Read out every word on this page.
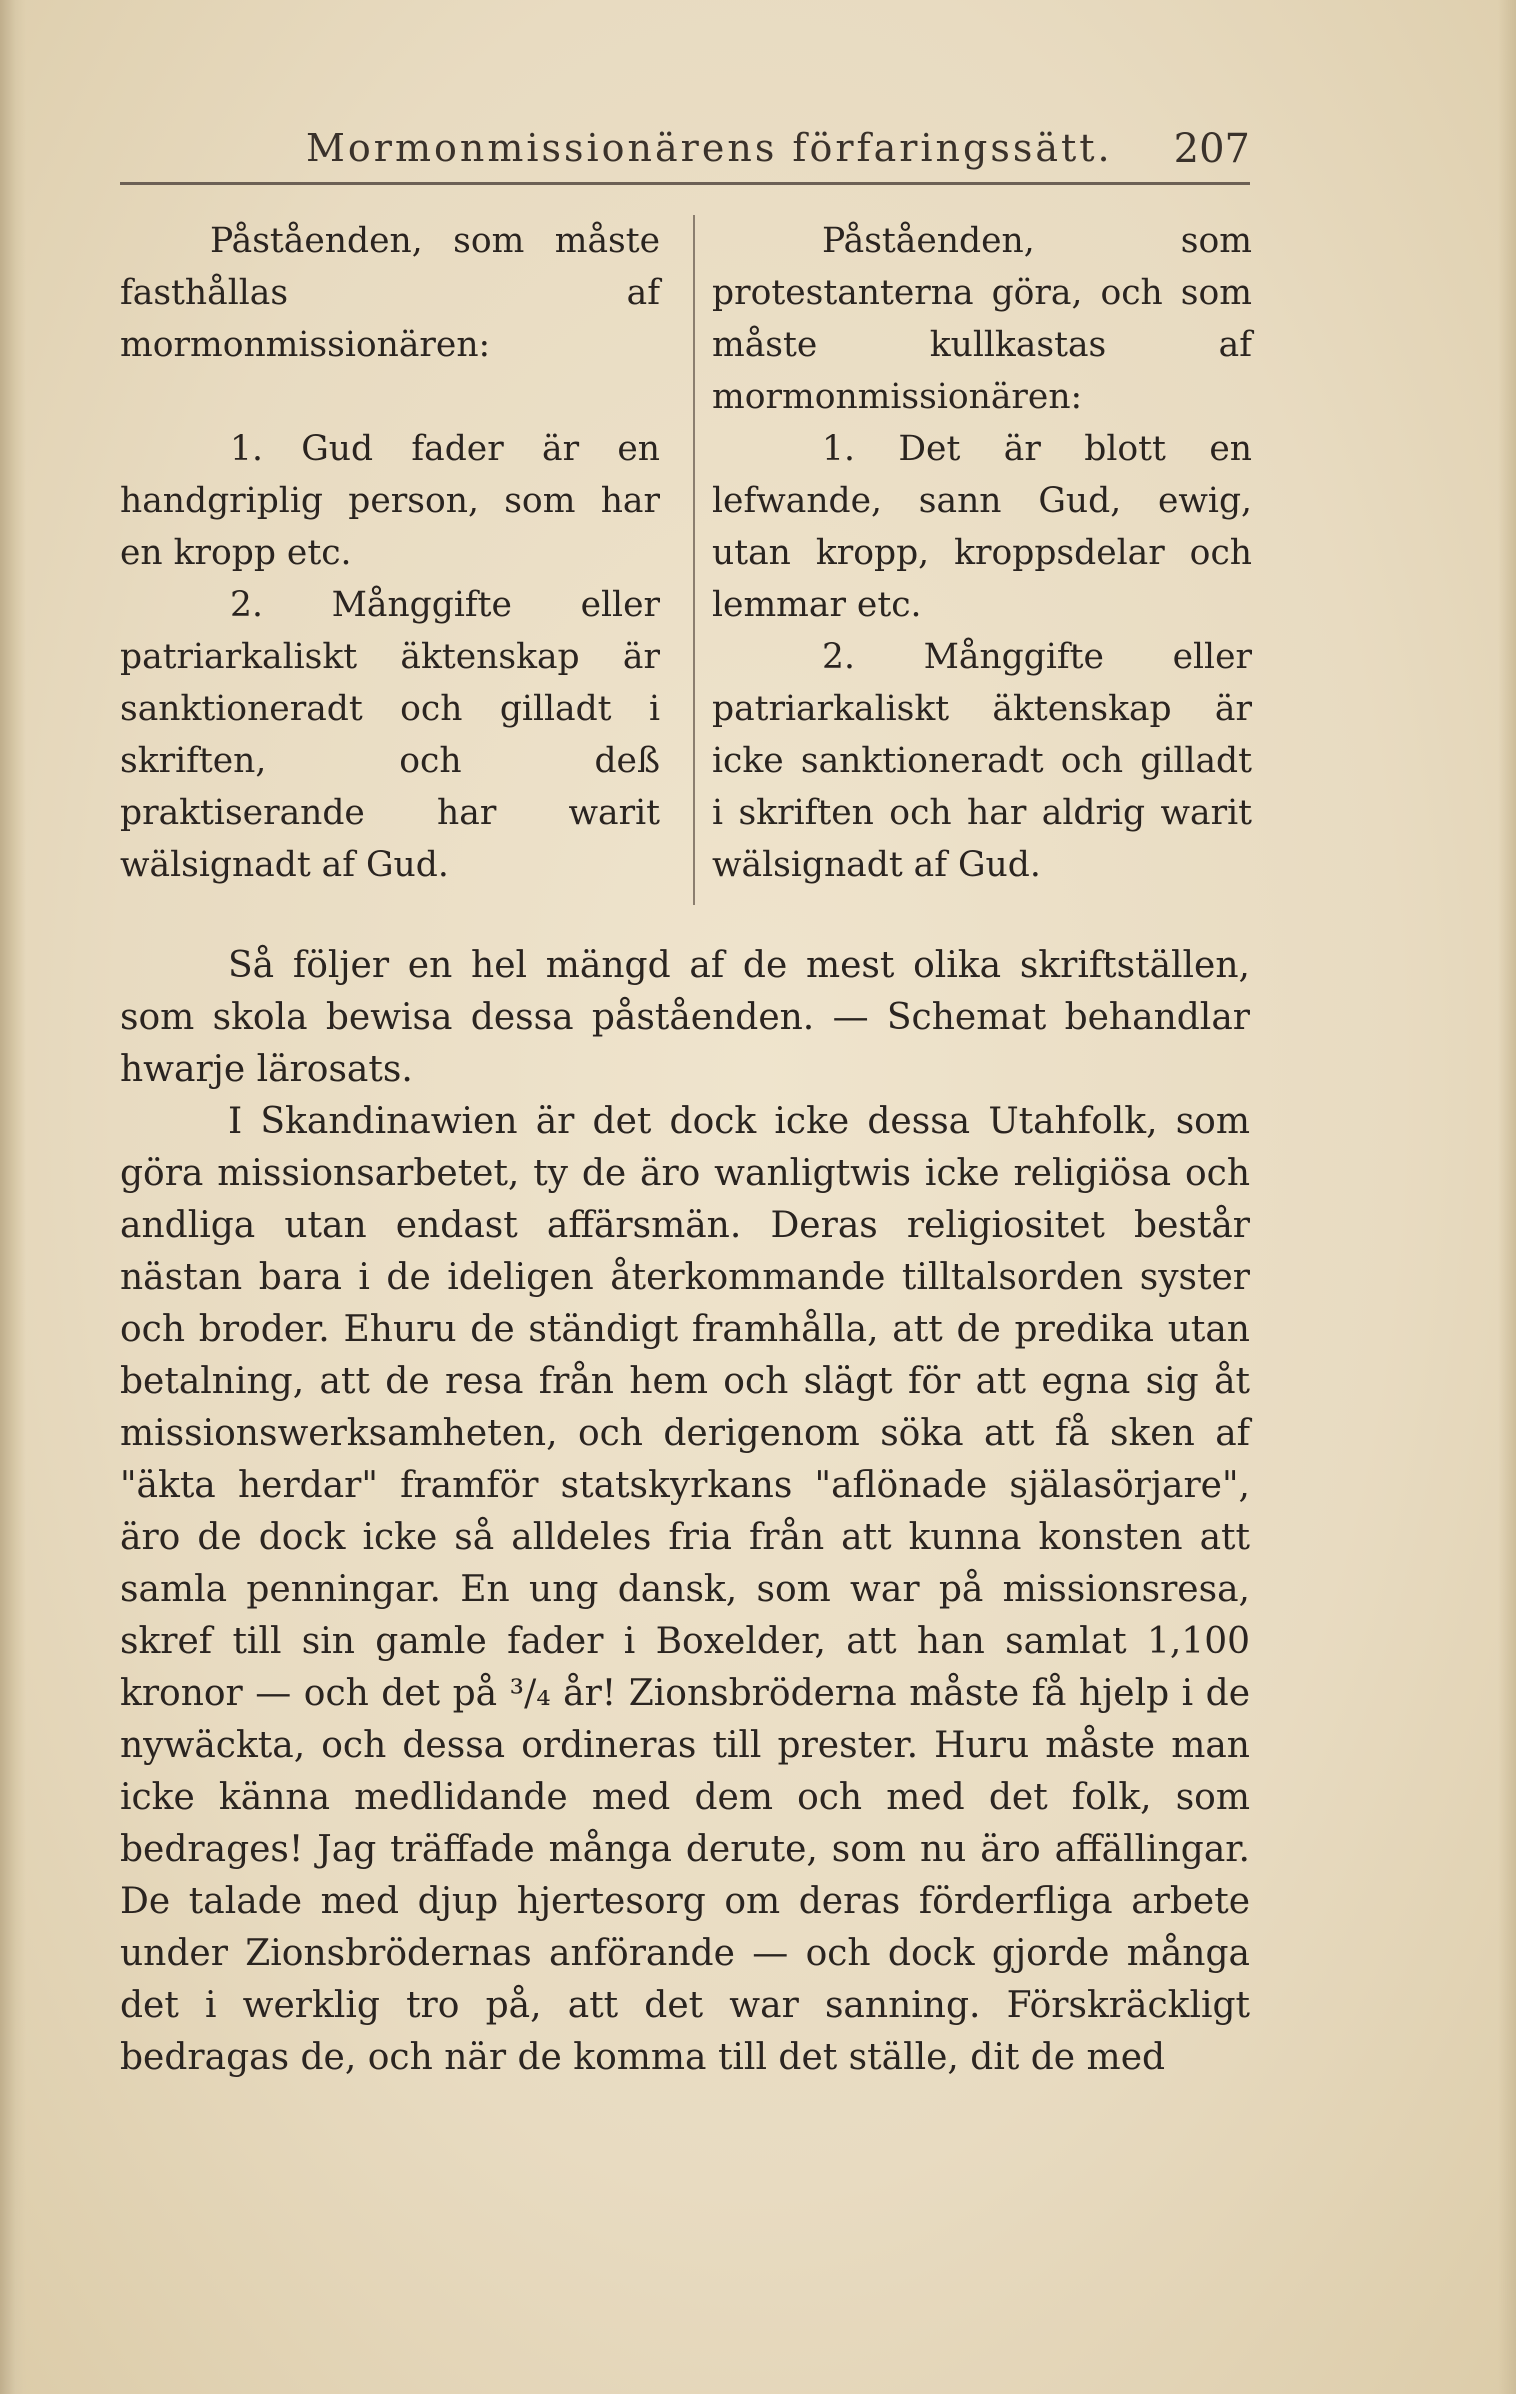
Mormonmissionärens förfaringssätt. 207

Påståenden, som måste fasthållas af mormonmissionären:

1. Gud fader är en handgriplig person, som har en kropp etc.

2. Månggifte eller patriarkaliskt äktenskap är sanktioneradt och gilladt i skriften, och deß praktiserande har warit wälsignadt af Gud.

Påståenden, som protestanterna göra, och som måste kullkastas af mormonmissionären:

1. Det är blott en lefwande, sann Gud, ewig, utan kropp, kroppsdelar och lemmar etc.

2. Månggifte eller patriarkaliskt äktenskap är icke sanktioneradt och gilladt i skriften och har aldrig warit wälsignadt af Gud.

Så följer en hel mängd af de mest olika skriftställen, som skola bewisa dessa påståenden. — Schemat behandlar hwarje lärosats.

I Skandinawien är det dock icke dessa Utahfolk, som göra missionsarbetet, ty de äro wanligtwis icke religiösa och andliga utan endast affärsmän. Deras religiositet består nästan bara i de ideligen återkommande tilltalsorden syster och broder. Ehuru de ständigt framhålla, att de predika utan betalning, att de resa från hem och slägt för att egna sig åt missionswerksamheten, och derigenom söka att få sken af "äkta herdar" framför statskyrkans "aflönade själasörjare", äro de dock icke så alldeles fria från att kunna konsten att samla penningar. En ung dansk, som war på missionsresa, skref till sin gamle fader i Boxelder, att han samlat 1,100 kronor — och det på ³/₄ år! Zionsbröderna måste få hjelp i de nywäckta, och dessa ordineras till prester. Huru måste man icke känna medlidande med dem och med det folk, som bedrages! Jag träffade många derute, som nu äro affällingar. De talade med djup hjertesorg om deras förderfliga arbete under Zionsbrödernas anförande — och dock gjorde många det i werklig tro på, att det war sanning. Förskräckligt bedragas de, och när de komma till det ställe, dit de med
